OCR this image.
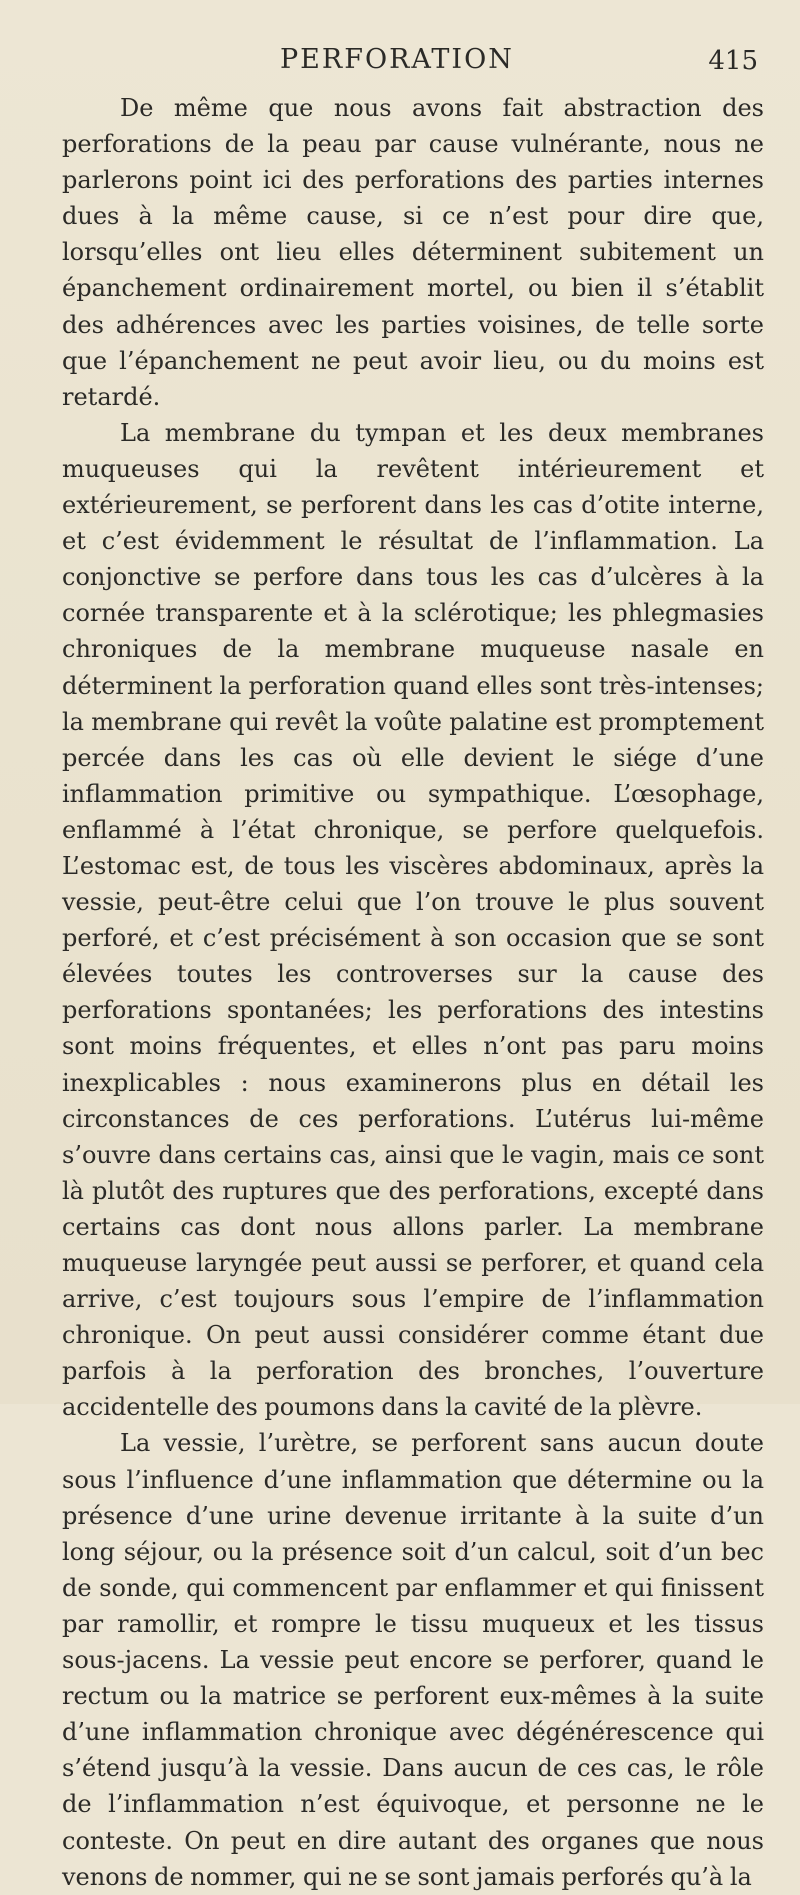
PERFORATION	415

De même que nous avons fait abstraction des perforations de la peau par cause vulnérante, nous ne parlerons point ici des perforations des parties internes dues à la même cause, si ce n’est pour dire que, lorsqu’elles ont lieu elles déterminent subitement un épanchement ordinairement mortel, ou bien il s’établit des adhérences avec les parties voisines, de telle sorte que l’épanchement ne peut avoir lieu, ou du moins est retardé.

La membrane du tympan et les deux membranes muqueuses qui la revêtent intérieurement et extérieurement, se perforent dans les cas d’otite interne, et c’est évidemment le résultat de l’inflammation. La conjonctive se perfore dans tous les cas d’ulcères à la cornée transparente et à la sclérotique; les phlegmasies chroniques de la membrane muqueuse nasale en déterminent la perforation quand elles sont très-intenses; la membrane qui revêt la voûte palatine est promptement percée dans les cas où elle devient le siége d’une inflammation primitive ou sympathique. L’œsophage, enflammé à l’état chronique, se perfore quelquefois. L’estomac est, de tous les viscères abdominaux, après la vessie, peut-être celui que l’on trouve le plus souvent perforé, et c’est précisément à son occasion que se sont élevées toutes les controverses sur la cause des perforations spontanées; les perforations des intestins sont moins fréquentes, et elles n’ont pas paru moins inexplicables : nous examinerons plus en détail les circonstances de ces perforations. L’utérus lui-même s’ouvre dans certains cas, ainsi que le vagin, mais ce sont là plutôt des ruptures que des perforations, excepté dans certains cas dont nous allons parler. La membrane muqueuse laryngée peut aussi se perforer, et quand cela arrive, c’est toujours sous l’empire de l’inflammation chronique. On peut aussi considérer comme étant due parfois à la perforation des bronches, l’ouverture accidentelle des poumons dans la cavité de la plèvre.

La vessie, l’urètre, se perforent sans aucun doute sous l’influence d’une inflammation que détermine ou la présence d’une urine devenue irritante à la suite d’un long séjour, ou la présence soit d’un calcul, soit d’un bec de sonde, qui commencent par enflammer et qui finissent par ramollir, et rompre le tissu muqueux et les tissus sous-jacens. La vessie peut encore se perforer, quand le rectum ou la matrice se perforent eux-mêmes à la suite d’une inflammation chronique avec dégénérescence qui s’étend jusqu’à la vessie. Dans aucun de ces cas, le rôle de l’inflammation n’est équivoque, et personne ne le conteste. On peut en dire autant des organes que nous venons de nommer, qui ne se sont jamais perforés qu’à la
